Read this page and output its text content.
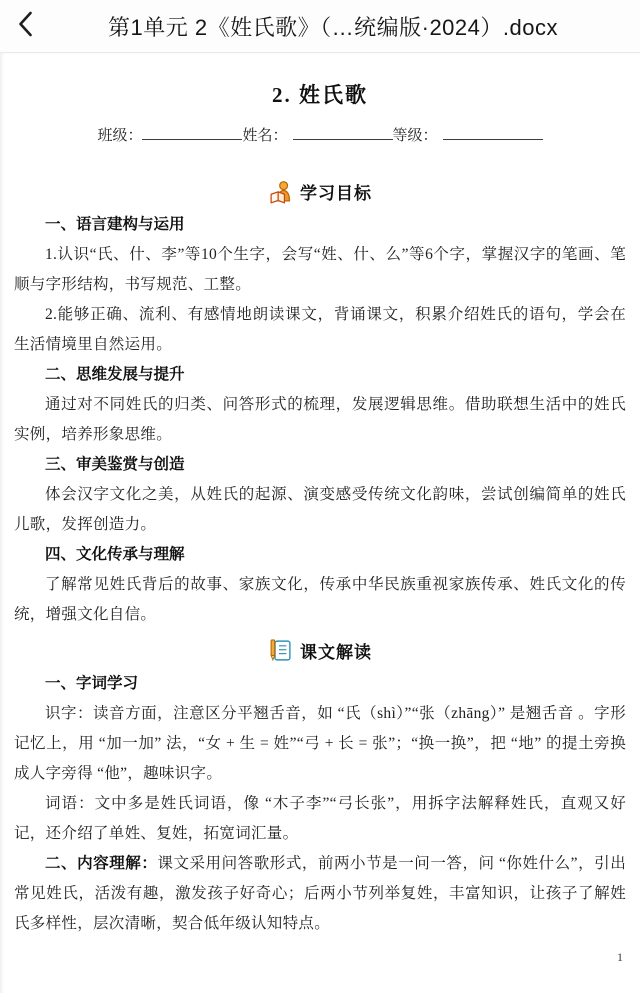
第1单元 2《姓氏歌》（…统编版·2024）.docx
2. 姓氏歌
班级：	姓名：	等级：
学习目标

一、语言建构与运用

1.认识“氏、什、李”等10个生字，会写“姓、什、么”等6个字，掌握汉字的笔画、笔顺与字形结构，书写规范、工整。

2.能够正确、流利、有感情地朗读课文，背诵课文，积累介绍姓氏的语句，学会在生活情境里自然运用。

二、思维发展与提升

通过对不同姓氏的归类、问答形式的梳理，发展逻辑思维。借助联想生活中的姓氏实例，培养形象思维。

三、审美鉴赏与创造

体会汉字文化之美，从姓氏的起源、演变感受传统文化韵味，尝试创编简单的姓氏儿歌，发挥创造力。

四、文化传承与理解

了解常见姓氏背后的故事、家族文化，传承中华民族重视家族传承、姓氏文化的传统，增强文化自信。

课文解读

一、字词学习

识字：读音方面，注意区分平翘舌音，如 “氏（shì）”“张（zhāng）” 是翘舌音 。字形记忆上，用 “加一加” 法，“女 + 生 = 姓”“弓 + 长 = 张”；“换一换”，把 “地” 的提土旁换成人字旁得 “他”，趣味识字。

词语：文中多是姓氏词语，像 “木子李”“弓长张”，用拆字法解释姓氏，直观又好记，还介绍了单姓、复姓，拓宽词汇量。

二、内容理解：课文采用问答歌形式，前两小节是一问一答，问 “你姓什么”，引出常见姓氏，活泼有趣，激发孩子好奇心；后两小节列举复姓，丰富知识，让孩子了解姓氏多样性，层次清晰，契合低年级认知特点。

1
